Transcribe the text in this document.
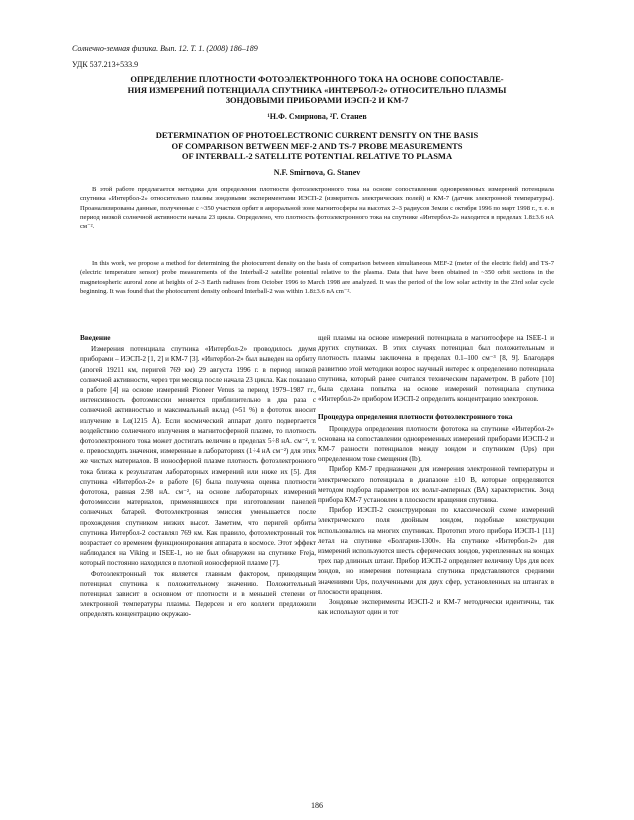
Солнечно-земная физика. Вып. 12. Т. 1. (2008) 186–189
УДК 537.213+533.9
ОПРЕДЕЛЕНИЕ ПЛОТНОСТИ ФОТОЭЛЕКТРОННОГО ТОКА НА ОСНОВЕ СОПОСТАВЛЕ-
НИЯ ИЗМЕРЕНИЙ ПОТЕНЦИАЛА СПУТНИКА «ИНТЕРБОЛ-2» ОТНОСИТЕЛЬНО ПЛАЗМЫ
ЗОНДОВЫМИ ПРИБОРАМИ ИЭСП-2 И КМ-7
¹Н.Ф. Смирнова, ²Г. Станев
DETERMINATION OF PHOTOELECTRONIC CURRENT DENSITY ON THE BASIS
OF COMPARISON BETWEEN MEF-2 AND TS-7 PROBE MEASUREMENTS
OF INTERBALL-2 SATELLITE POTENTIAL RELATIVE TO PLASMA
N.F. Smirnova, G. Stanev

В этой работе предлагается методика для определения плотности фотоэлектронного тока на основе сопоставления одновременных измерений потенциала спутника «Интербол-2» относительно плазмы зондовыми экспериментами ИЭСП-2 (измеритель электрических полей) и КМ-7 (датчик электронной температуры). Проанализированы данные, полученные с ~350 участков орбит в авроральной зоне магнитосферы на высотах 2–3 радиусов Земли с октября 1996 по март 1998 г., т. е. в период низкой солнечной активности начала 23 цикла. Определено, что плотность фотоэлектронного тока на спутнике «Интербол-2» находится в пределах 1.8±3.6 нА см⁻².

In this work, we propose a method for determining the photocurrent density on the basis of comparison between simultaneous MEF-2 (meter of the electric field) and TS-7 (electric temperature sensor) probe measurements of the Interball-2 satellite potential relative to the plasma. Data that have been obtained in ~350 orbit sections in the magnetospheric auroral zone at heights of 2–3 Earth radiuses from October 1996 to March 1998 are analyzed. It was the period of the low solar activity in the 23rd solar cycle beginning. It was found that the photocurrent density onboard Interball-2 was within 1.8±3.6 nA cm⁻².

Введение

Измерения потенциала спутника «Интербол-2» проводилось двумя приборами – ИЭСП-2 [1, 2] и КМ-7 [3]. «Интербол-2» был выведен на орбиту (апогей 19211 км, перигей 769 км) 29 августа 1996 г. в период низкой солнечной активности, через три месяца после начала 23 цикла. Как показано в работе [4] на основе измерений Pioneer Venus за период 1979–1987 гг., интенсивность фотоэмиссии меняется приблизительно в два раза с солнечной активностью и максимальный вклад (≈51 %) в фототок вносит излучение в Lα(1215 Å). Если космический аппарат долго подвергается воздействию солнечного излучения в магнитосферной плазме, то плотность фотоэлектронного тока может достигать величин в пределах 5÷8 нА. см⁻², т. е. превосходить значения, измеренные в лабораториях (1÷4 нА см⁻²) для этих же чистых материалов. В ионосферной плазме плотность фотоэлектронного тока близка к результатам лабораторных измерений или ниже их [5]. Для спутника «Интербол-2» в работе [6] была получена оценка плотности фототока, равная 2.98 нА. см⁻², на основе лабораторных измерений фотоэмиссии материалов, применявшихся при изготовлении панелей солнечных батарей. Фотоэлектронная эмиссия уменьшается после прохождения спутником низких высот. Заметим, что перигей орбиты спутника Интербол-2 составлял 769 км. Как правило, фотоэлектронный ток возрастает со временем функционирования аппарата в космосе. Этот эффект наблюдался на Viking и ISEE-1, но не был обнаружен на спутнике Freja, который постоянно находился в плотной ионосферной плазме [7].

Фотоэлектронный ток является главным фактором, приводящим потенциал спутника к положительному значению. Положительный потенциал зависит в основном от плотности и в меньшей степени от электронной температуры плазмы. Педерсен и его коллеги предложили определять концентрацию окружаю-

щей плазмы на основе измерений потенциала в магнитосфере на ISEE-1 и других спутниках. В этих случаях потенциал был положительным и плотность плазмы заключена в пределах 0.1–100 см⁻³ [8, 9]. Благодаря развитию этой методики возрос научный интерес к определению потенциала спутника, который ранее считался техническим параметром. В работе [10] была сделана попытка на основе измерений потенциала спутника «Интербол-2» прибором ИЭСП-2 определить концентрацию электронов.

Процедура определения плотности фотоэлектронного тока

Процедура определения плотности фототока на спутнике «Интербол-2» основана на сопоставлении одновременных измерений приборами ИЭСП-2 и КМ-7 разности потенциалов между зондом и спутником (Ups) при определенном токе смещения (Ib).

Прибор КМ-7 предназначен для измерения электронной температуры и электрического потенциала в диапазоне ±10 В, которые определяются методом подбора параметров их вольт-амперных (ВА) характеристик. Зонд прибора КМ-7 установлен в плоскости вращения спутника.

Прибор ИЭСП-2 сконструирован по классической схеме измерений электрического поля двойным зондом, подобные конструкции использовались на многих спутниках. Прототип этого прибора ИЭСП-1 [11] летал на спутнике «Болгария-1300». На спутнике «Интербол-2» для измерений используются шесть сферических зондов, укрепленных на концах трех пар длинных штанг. Прибор ИЭСП-2 определяет величину Ups для всех зондов, но измерения потенциала спутника представляются средними значениями Ups, полученными для двух сфер, установленных на штангах в плоскости вращения.

Зондовые эксперименты ИЭСП-2 и КМ-7 методически идентичны, так как используют один и тот

186
